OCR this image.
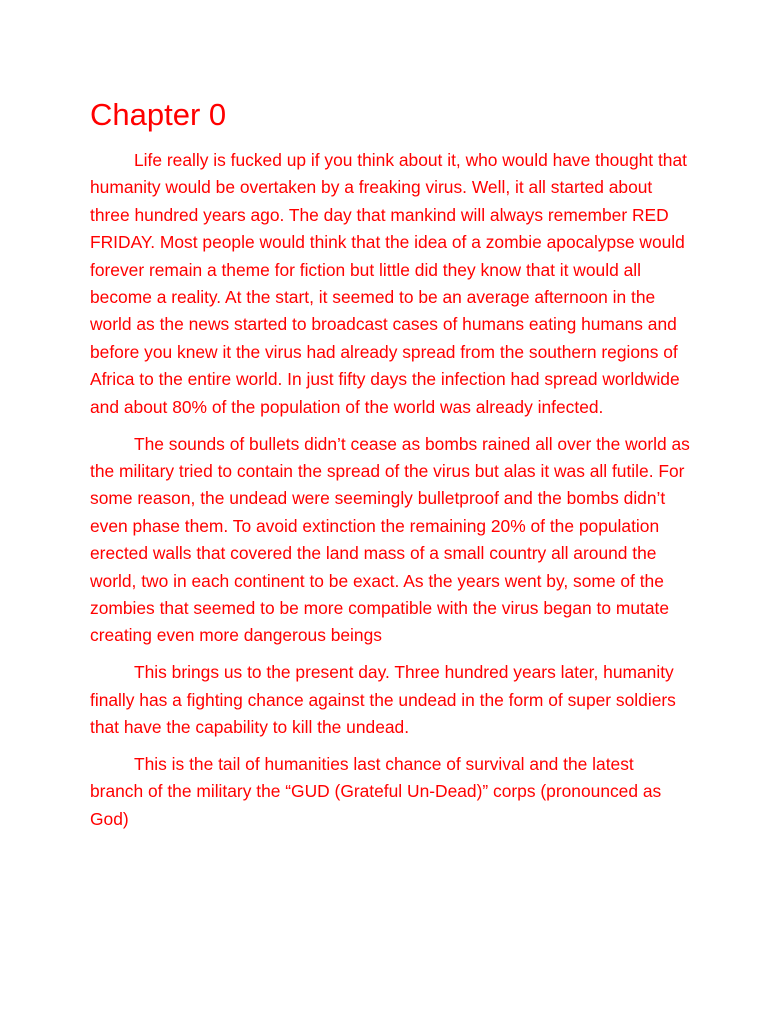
Chapter 0

Life really is fucked up if you think about it, who would have thought that humanity would be overtaken by a freaking virus. Well, it all started about three hundred years ago. The day that mankind will always remember RED FRIDAY. Most people would think that the idea of a zombie apocalypse would forever remain a theme for fiction but little did they know that it would all become a reality. At the start, it seemed to be an average afternoon in the world as the news started to broadcast cases of humans eating humans and before you knew it the virus had already spread from the southern regions of Africa to the entire world. In just fifty days the infection had spread worldwide and about 80% of the population of the world was already infected.

The sounds of bullets didn’t cease as bombs rained all over the world as the military tried to contain the spread of the virus but alas it was all futile. For some reason, the undead were seemingly bulletproof and the bombs didn’t even phase them. To avoid extinction the remaining 20% of the population erected walls that covered the land mass of a small country all around the world, two in each continent to be exact. As the years went by, some of the zombies that seemed to be more compatible with the virus began to mutate creating even more dangerous beings

This brings us to the present day. Three hundred years later, humanity finally has a fighting chance against the undead in the form of super soldiers that have the capability to kill the undead.

This is the tail of humanities last chance of survival and the latest branch of the military the “GUD (Grateful Un-Dead)” corps (pronounced as God)
